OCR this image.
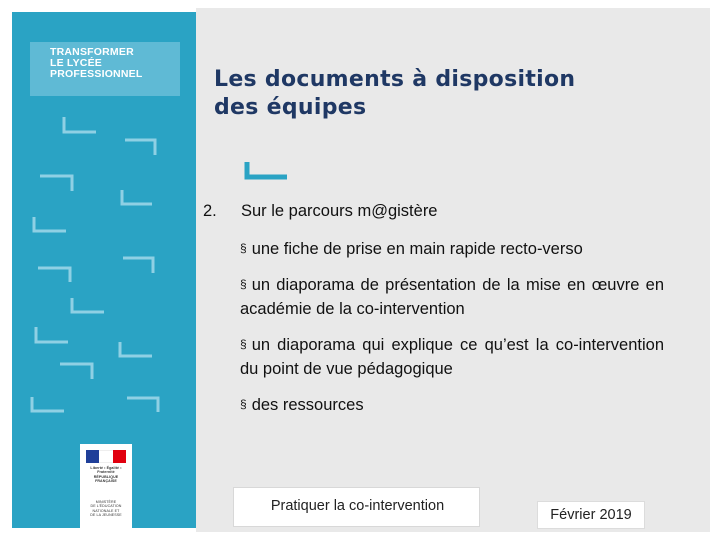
TRANSFORMER
LE LYCÉE
PROFESSIONNEL
Liberté • Égalité • Fraternité
RÉPUBLIQUE FRANÇAISE
MINISTÈRE
DE L'ÉDUCATION
NATIONALE ET
DE LA JEUNESSE
Les documents à disposition
des équipes
2. Sur le parcours m@gistère
§ une fiche de prise en main rapide recto-verso
§ un diaporama de présentation de la mise en œuvre en académie de la co-intervention
§ un diaporama qui explique ce qu’est la co-intervention du point de vue pédagogique
§ des ressources
Pratiquer la co-intervention
Février 2019
